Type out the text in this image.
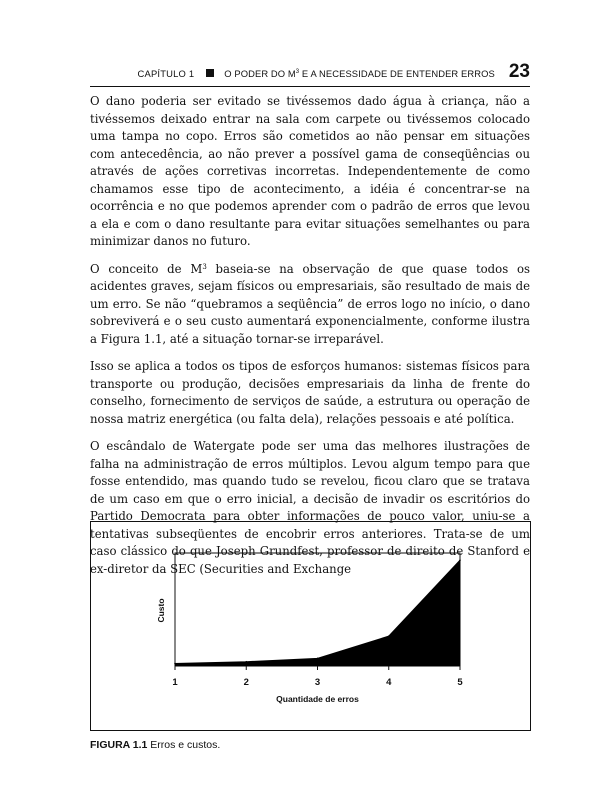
CAPÍTULO 1	O PODER DO $M^3$ E A NECESSIDADE DE ENTENDER ERROS 23

O dano poderia ser evitado se tivéssemos dado água à criança, não a tivéssemos deixado entrar na sala com carpete ou tivéssemos colocado uma tampa no copo. Erros são cometidos ao não pensar em situações com antecedência, ao não prever a possível gama de conseqüências ou através de ações corretivas incorretas. Independentemente de como chamamos esse tipo de acontecimento, a idéia é concentrar-se na ocorrência e no que podemos aprender com o padrão de erros que levou a ela e com o dano resultante para evitar situações semelhantes ou para minimizar danos no futuro.

O conceito de $M^3$ baseia-se na observação de que quase todos os acidentes graves, sejam físicos ou empresariais, são resultado de mais de um erro. Se não “quebramos a seqüência” de erros logo no início, o dano sobreviverá e o seu custo aumentará exponencialmente, conforme ilustra a Figura 1.1, até a situação tornar-se irreparável.

Isso se aplica a todos os tipos de esforços humanos: sistemas físicos para transporte ou produção, decisões empresariais da linha de frente do conselho, fornecimento de serviços de saúde, a estrutura ou operação de nossa matriz energética (ou falta dela), relações pessoais e até política.

O escândalo de Watergate pode ser uma das melhores ilustrações de falha na administração de erros múltiplos. Levou algum tempo para que fosse entendido, mas quando tudo se revelou, ficou claro que se tratava de um caso em que o erro inicial, a decisão de invadir os escritórios do Partido Democrata para obter informações de pouco valor, uniu-se a tentativas subseqüentes de encobrir erros anteriores. Trata-se de um caso clássico do que Joseph Grundfest, professor de direito de Stanford e ex-diretor da SEC (Securities and Exchange

1	2	3	4	5
Quantidade de erros
Custo
FIGURA 1.1 Erros e custos.
